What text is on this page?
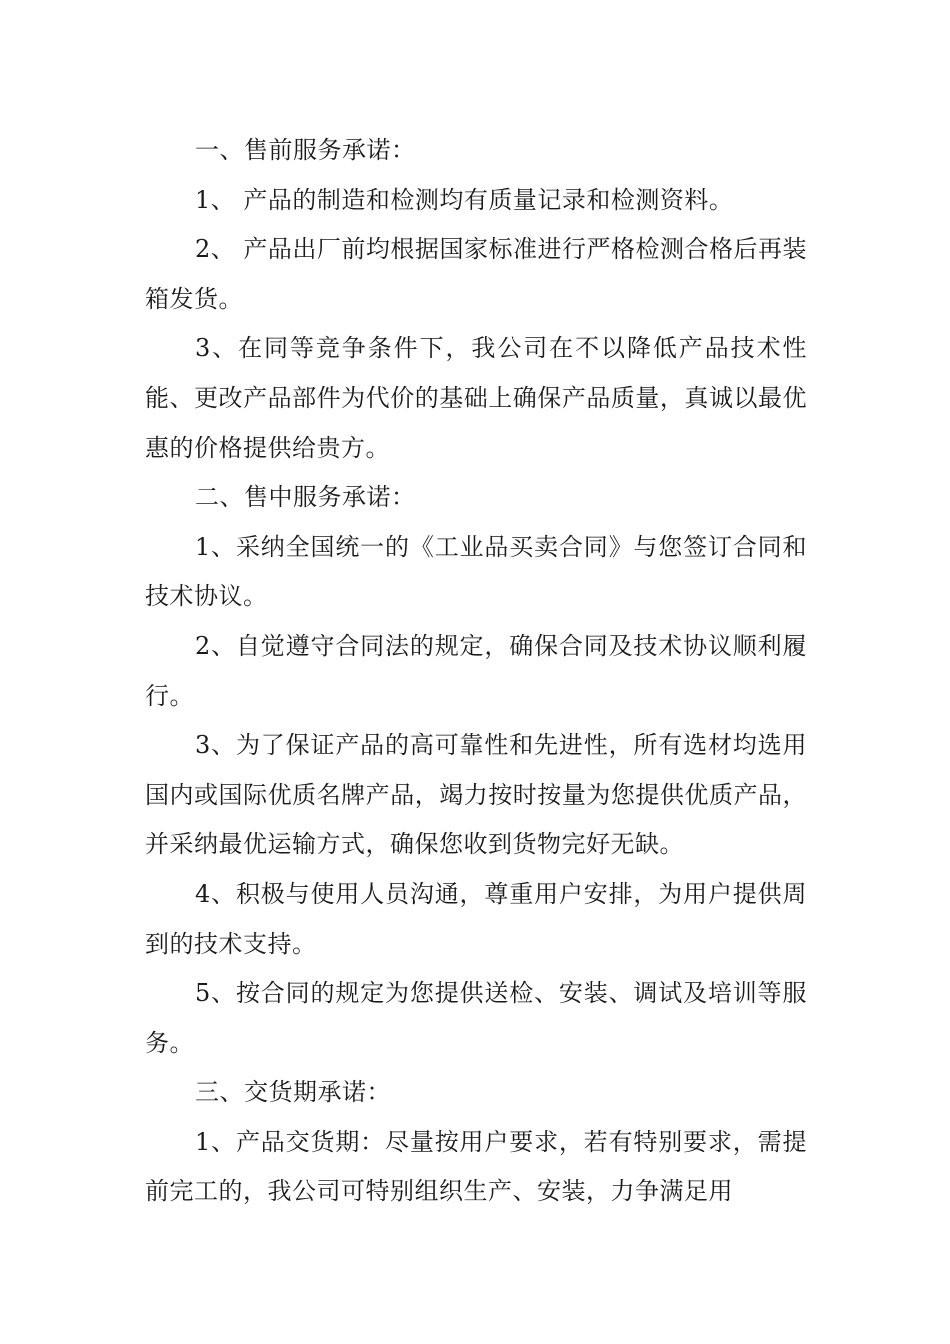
一、售前服务承诺：

1、 产品的制造和检测均有质量记录和检测资料。

2、 产品出厂前均根据国家标准进行严格检测合格后再装箱发货。

3、在同等竞争条件下，我公司在不以降低产品技术性能、更改产品部件为代价的基础上确保产品质量，真诚以最优惠的价格提供给贵方。

二、售中服务承诺：

1、采纳全国统一的《工业品买卖合同》与您签订合同和技术协议。

2、自觉遵守合同法的规定，确保合同及技术协议顺利履行。

3、为了保证产品的高可靠性和先进性，所有选材均选用国内或国际优质名牌产品，竭力按时按量为您提供优质产品，并采纳最优运输方式，确保您收到货物完好无缺。

4、积极与使用人员沟通，尊重用户安排，为用户提供周到的技术支持。

5、按合同的规定为您提供送检、安装、调试及培训等服务。

三、交货期承诺：

1、产品交货期：尽量按用户要求，若有特别要求，需提前完工的，我公司可特别组织生产、安装，力争满足用
